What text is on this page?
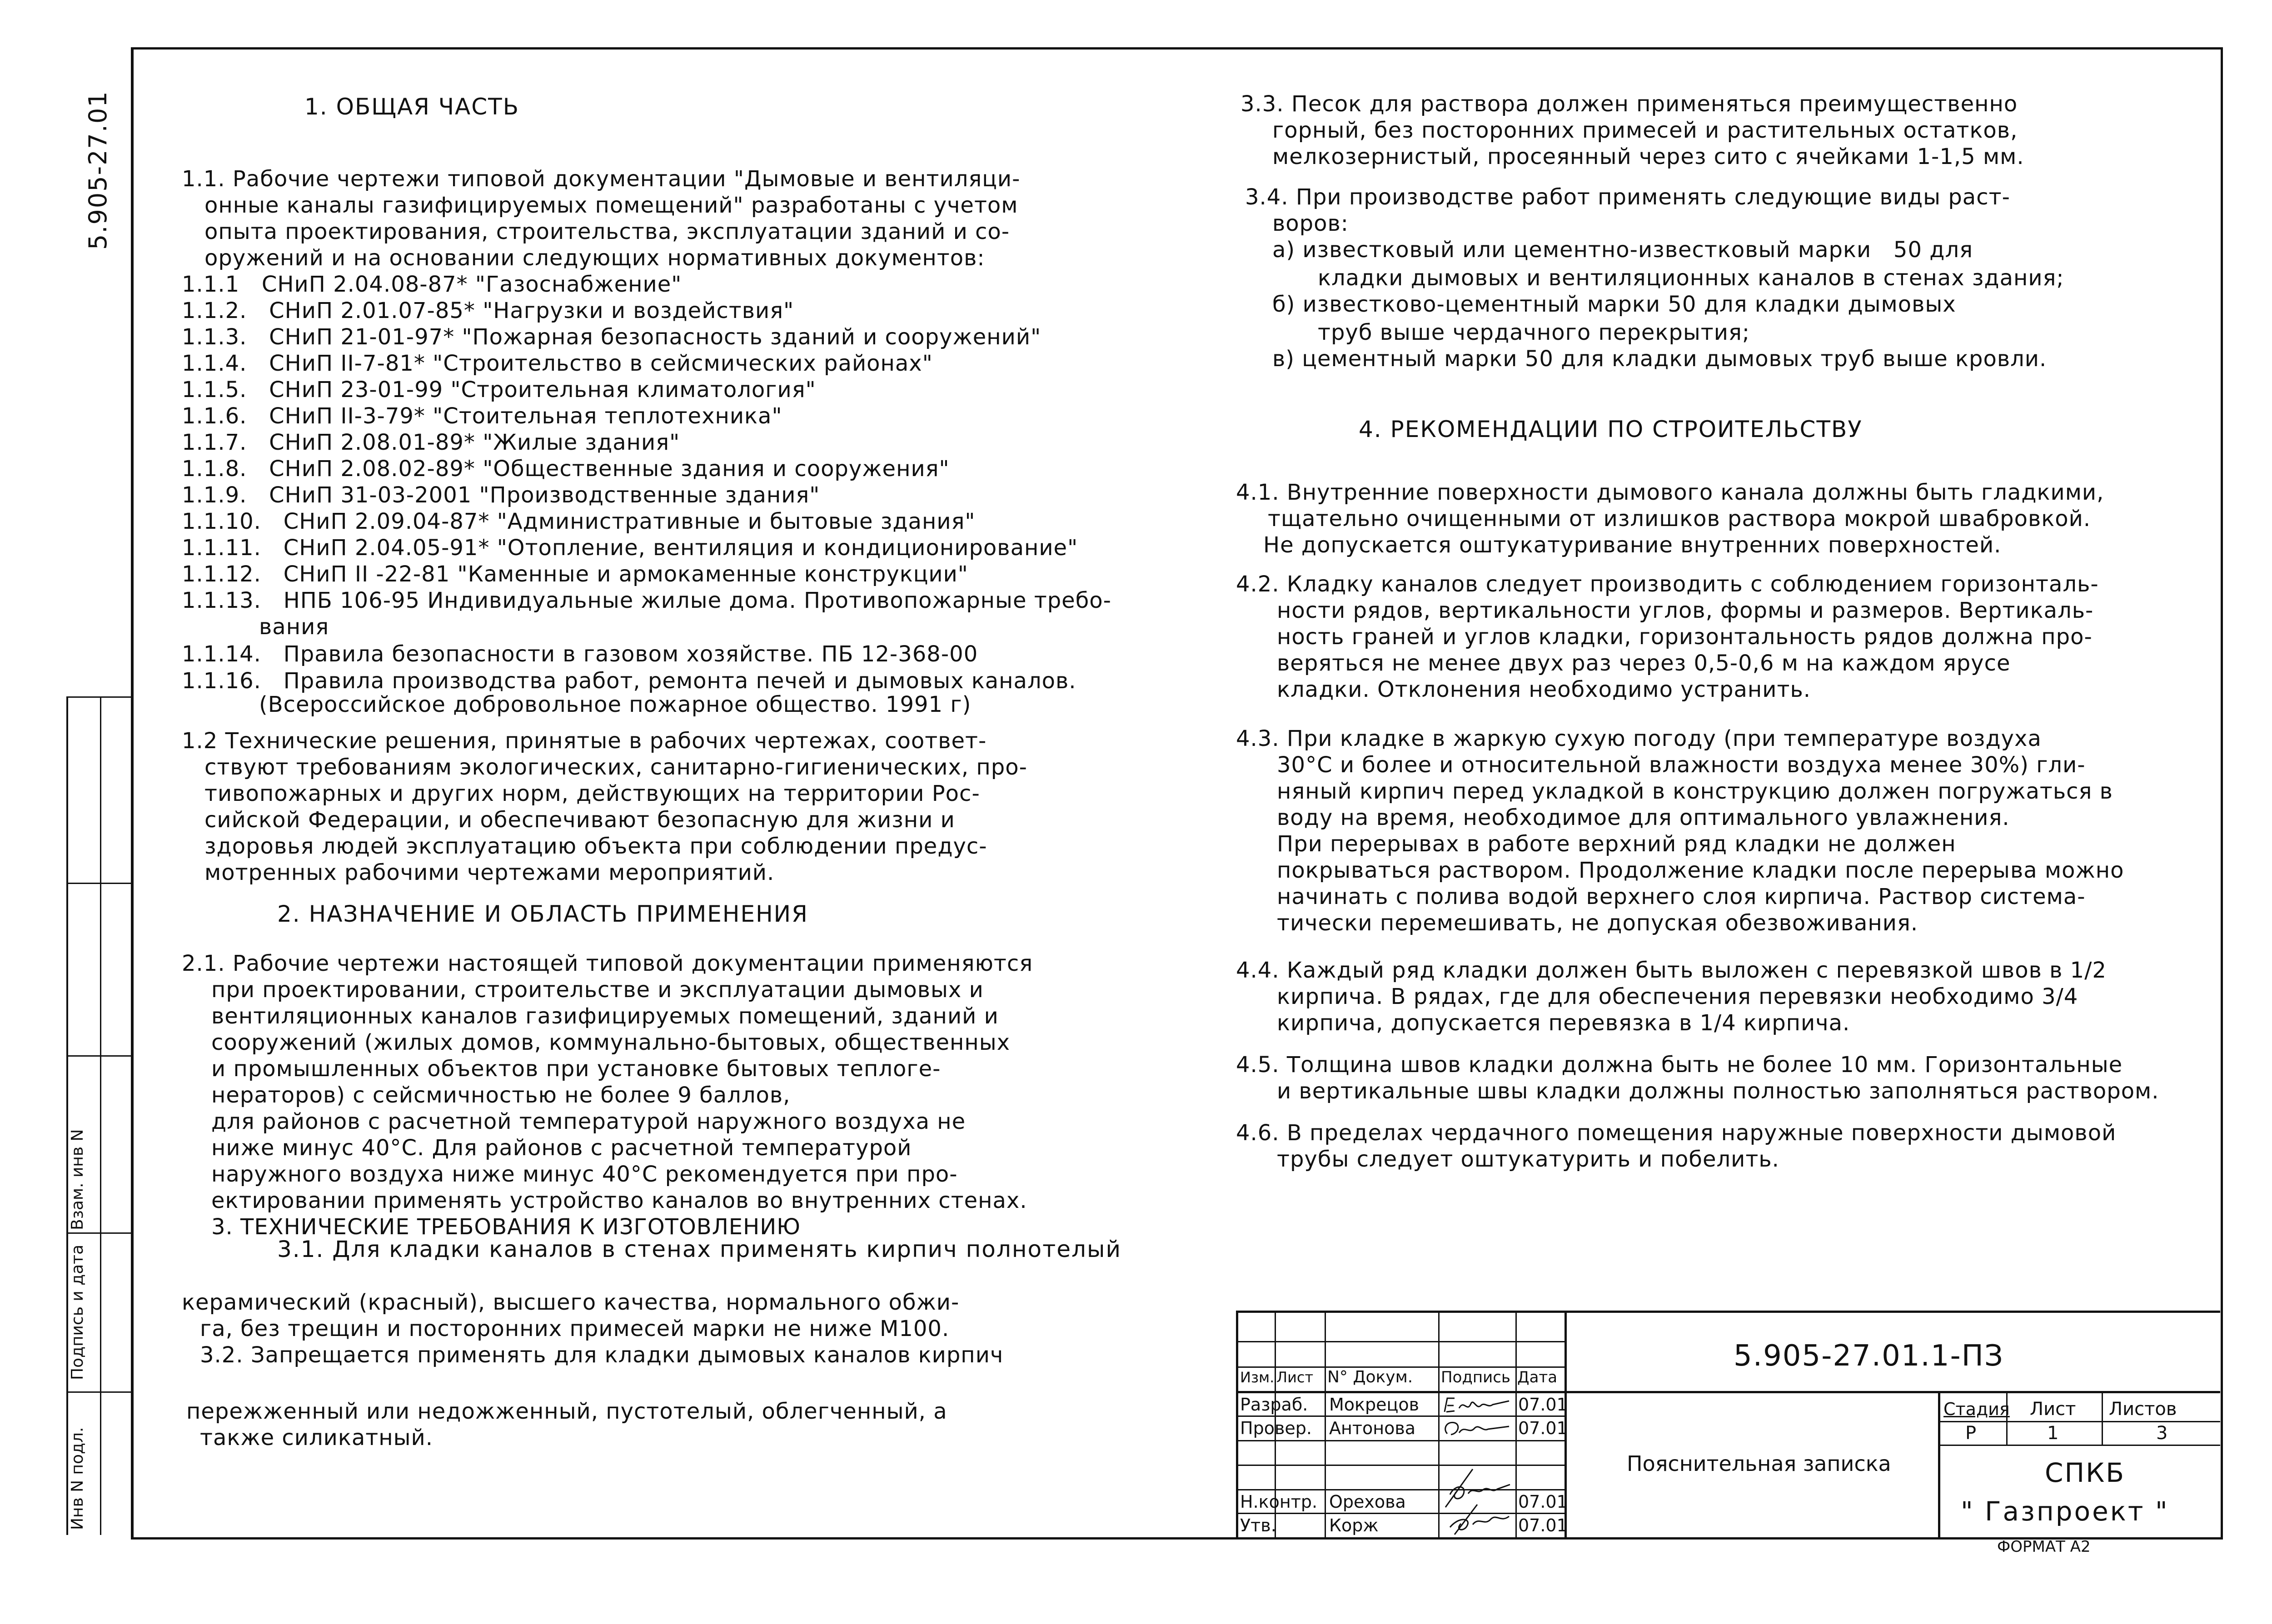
5.905-27.01
Взам. инв N
Подпись и дата
Инв N подл.
1. ОБЩАЯ ЧАСТЬ
1.1. Рабочие чертежи типовой документации "Дымовые и вентиляци-
онные каналы газифицируемых помещений" разработаны с учетом
опыта проектирования, строительства, эксплуатации зданий и со-
оружений и на основании следующих нормативных документов:
1.1.1   СНиП 2.04.08-87* "Газоснабжение"
1.1.2.   СНиП 2.01.07-85* "Нагрузки и воздействия"
1.1.3.   СНиП 21-01-97* "Пожарная безопасность зданий и сооружений"
1.1.4.   СНиП II-7-81* "Строительство в сейсмических районах"
1.1.5.   СНиП 23-01-99 "Строительная климатология"
1.1.6.   СНиП II-3-79* "Стоительная теплотехника"
1.1.7.   СНиП 2.08.01-89* "Жилые здания"
1.1.8.   СНиП 2.08.02-89* "Общественные здания и сооружения"
1.1.9.   СНиП 31-03-2001 "Производственные здания"
1.1.10.   СНиП 2.09.04-87* "Административные и бытовые здания"
1.1.11.   СНиП 2.04.05-91* "Отопление, вентиляция и кондиционирование"
1.1.12.   СНиП II -22-81 "Каменные и армокаменные конструкции"
1.1.13.   НПБ 106-95 Индивидуальные жилые дома. Противопожарные требо-
вания
1.1.14.   Правила безопасности в газовом хозяйстве. ПБ 12-368-00
1.1.16.   Правила производства работ, ремонта печей и дымовых каналов.
(Всероссийское добровольное пожарное общество. 1991 г)
1.2 Технические решения, принятые в рабочих чертежах, соответ-
ствуют требованиям экологических, санитарно-гигиенических, про-
тивопожарных и других норм, действующих на территории Рос-
сийской Федерации, и обеспечивают безопасную для жизни и
здоровья людей эксплуатацию объекта при соблюдении предус-
мотренных рабочими чертежами мероприятий.
2. НАЗНАЧЕНИЕ И ОБЛАСТЬ ПРИМЕНЕНИЯ
2.1. Рабочие чертежи настоящей типовой документации применяются
при проектировании, строительстве и эксплуатации дымовых и
вентиляционных каналов газифицируемых помещений, зданий и
сооружений (жилых домов, коммунально-бытовых, общественных
и промышленных объектов при установке бытовых теплоге-
нераторов) с сейсмичностью не более 9 баллов,
для районов с расчетной температурой наружного воздуха не
ниже минус 40°С. Для районов с расчетной температурой
наружного воздуха ниже минус 40°С рекомендуется при про-
ектировании применять устройство каналов во внутренних стенах.
3. ТЕХНИЧЕСКИЕ ТРЕБОВАНИЯ К ИЗГОТОВЛЕНИЮ
3.1. Для кладки каналов в стенах применять кирпич полнотелый
керамический (красный), высшего качества, нормального обжи-
га, без трещин и посторонних примесей марки не ниже М100.
3.2. Запрещается применять для кладки дымовых каналов кирпич
пережженный или недожженный, пустотелый, облегченный, а
также силикатный.
3.3. Песок для раствора должен применяться преимущественно
горный, без посторонних примесей и растительных остатков,
мелкозернистый, просеянный через сито с ячейками 1-1,5 мм.
3.4. При производстве работ применять следующие виды раст-
воров:
а) известковый или цементно-известковый марки   50 для
кладки дымовых и вентиляционных каналов в стенах здания;
б) известково-цементный марки 50 для кладки дымовых
труб выше чердачного перекрытия;
в) цементный марки 50 для кладки дымовых труб выше кровли.
4. РЕКОМЕНДАЦИИ ПО СТРОИТЕЛЬСТВУ
4.1. Внутренние поверхности дымового канала должны быть гладкими,
тщательно очищенными от излишков раствора мокрой швабровкой.
Не допускается оштукатуривание внутренних поверхностей.
4.2. Кладку каналов следует производить с соблюдением горизонталь-
ности рядов, вертикальности углов, формы и размеров. Вертикаль-
ность граней и углов кладки, горизонтальность рядов должна про-
веряться не менее двух раз через 0,5-0,6 м на каждом ярусе
кладки. Отклонения необходимо устранить.
4.3. При кладке в жаркую сухую погоду (при температуре воздуха
30°С и более и относительной влажности воздуха менее 30%) гли-
няный кирпич перед укладкой в конструкцию должен погружаться в
воду на время, необходимое для оптимального увлажнения.
При перерывах в работе верхний ряд кладки не должен
покрываться раствором. Продолжение кладки после перерыва можно
начинать с полива водой верхнего слоя кирпича. Раствор система-
тически перемешивать, не допуская обезвоживания.
4.4. Каждый ряд кладки должен быть выложен с перевязкой швов в 1/2
кирпича. В рядах, где для обеспечения перевязки необходимо 3/4
кирпича, допускается перевязка в 1/4 кирпича.
4.5. Толщина швов кладки должна быть не более 10 мм. Горизонтальные
и вертикальные швы кладки должны полностью заполняться раствором.
4.6. В пределах чердачного помещения наружные поверхности дымовой
трубы следует оштукатурить и побелить.
Изм. Лист N° Докум. Подпись Дата
Разраб. Мокрецов	07.01
Провер. Антонова	07.01
Н.контр. Орехова	07.01
Утв.	Корж	07.01
5.905-27.01.1-ПЗ
Пояснительная записка
Стадия Лист Листов
Р	1	3
СПКБ
" Газпроект "
ФОРМАТ А2
